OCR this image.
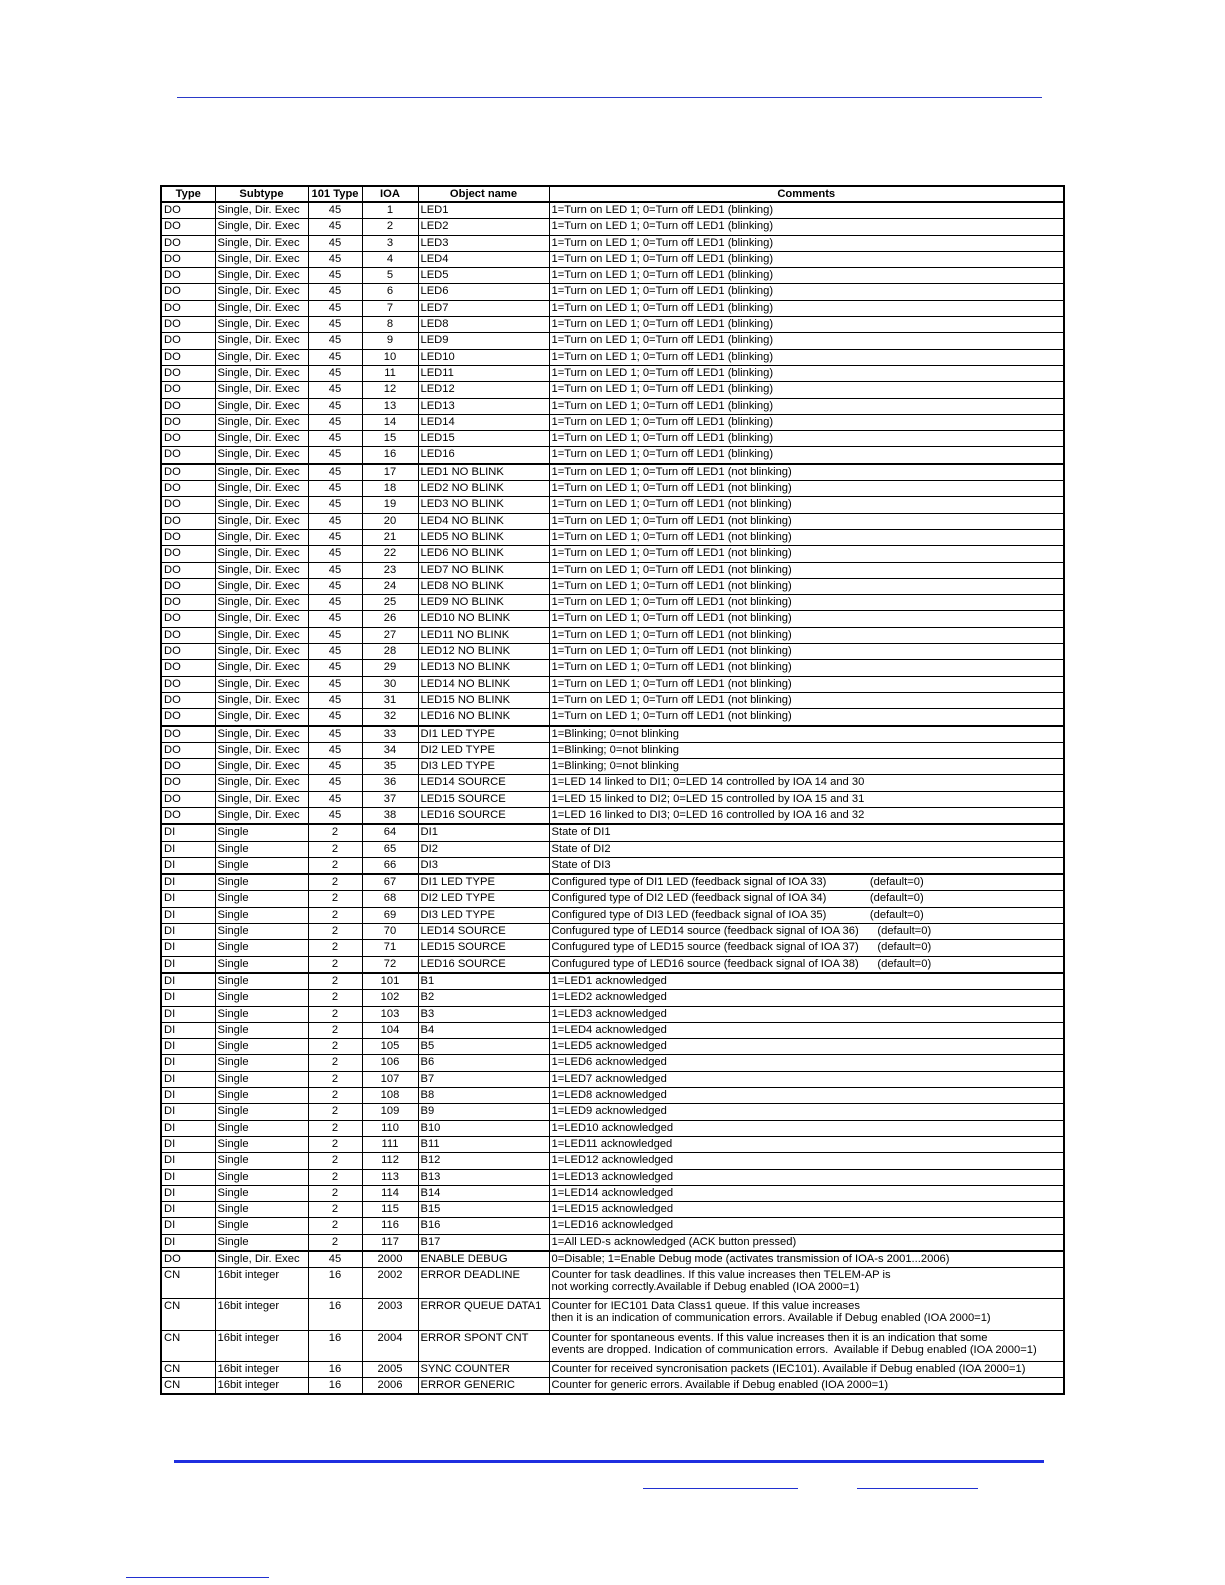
Type	Subtype	101 Type	IOA	Object name	Comments
DO	Single, Dir. Exec	45	1	LED1	1=Turn on LED 1; 0=Turn off LED1 (blinking)
DO	Single, Dir. Exec	45	2	LED2	1=Turn on LED 1; 0=Turn off LED1 (blinking)
DO	Single, Dir. Exec	45	3	LED3	1=Turn on LED 1; 0=Turn off LED1 (blinking)
DO	Single, Dir. Exec	45	4	LED4	1=Turn on LED 1; 0=Turn off LED1 (blinking)
DO	Single, Dir. Exec	45	5	LED5	1=Turn on LED 1; 0=Turn off LED1 (blinking)
DO	Single, Dir. Exec	45	6	LED6	1=Turn on LED 1; 0=Turn off LED1 (blinking)
DO	Single, Dir. Exec	45	7	LED7	1=Turn on LED 1; 0=Turn off LED1 (blinking)
DO	Single, Dir. Exec	45	8	LED8	1=Turn on LED 1; 0=Turn off LED1 (blinking)
DO	Single, Dir. Exec	45	9	LED9	1=Turn on LED 1; 0=Turn off LED1 (blinking)
DO	Single, Dir. Exec	45	10	LED10	1=Turn on LED 1; 0=Turn off LED1 (blinking)
DO	Single, Dir. Exec	45	11	LED11	1=Turn on LED 1; 0=Turn off LED1 (blinking)
DO	Single, Dir. Exec	45	12	LED12	1=Turn on LED 1; 0=Turn off LED1 (blinking)
DO	Single, Dir. Exec	45	13	LED13	1=Turn on LED 1; 0=Turn off LED1 (blinking)
DO	Single, Dir. Exec	45	14	LED14	1=Turn on LED 1; 0=Turn off LED1 (blinking)
DO	Single, Dir. Exec	45	15	LED15	1=Turn on LED 1; 0=Turn off LED1 (blinking)
DO	Single, Dir. Exec	45	16	LED16	1=Turn on LED 1; 0=Turn off LED1 (blinking)
DO	Single, Dir. Exec	45	17	LED1 NO BLINK	1=Turn on LED 1; 0=Turn off LED1 (not blinking)
DO	Single, Dir. Exec	45	18	LED2 NO BLINK	1=Turn on LED 1; 0=Turn off LED1 (not blinking)
DO	Single, Dir. Exec	45	19	LED3 NO BLINK	1=Turn on LED 1; 0=Turn off LED1 (not blinking)
DO	Single, Dir. Exec	45	20	LED4 NO BLINK	1=Turn on LED 1; 0=Turn off LED1 (not blinking)
DO	Single, Dir. Exec	45	21	LED5 NO BLINK	1=Turn on LED 1; 0=Turn off LED1 (not blinking)
DO	Single, Dir. Exec	45	22	LED6 NO BLINK	1=Turn on LED 1; 0=Turn off LED1 (not blinking)
DO	Single, Dir. Exec	45	23	LED7 NO BLINK	1=Turn on LED 1; 0=Turn off LED1 (not blinking)
DO	Single, Dir. Exec	45	24	LED8 NO BLINK	1=Turn on LED 1; 0=Turn off LED1 (not blinking)
DO	Single, Dir. Exec	45	25	LED9 NO BLINK	1=Turn on LED 1; 0=Turn off LED1 (not blinking)
DO	Single, Dir. Exec	45	26	LED10 NO BLINK	1=Turn on LED 1; 0=Turn off LED1 (not blinking)
DO	Single, Dir. Exec	45	27	LED11 NO BLINK	1=Turn on LED 1; 0=Turn off LED1 (not blinking)
DO	Single, Dir. Exec	45	28	LED12 NO BLINK	1=Turn on LED 1; 0=Turn off LED1 (not blinking)
DO	Single, Dir. Exec	45	29	LED13 NO BLINK	1=Turn on LED 1; 0=Turn off LED1 (not blinking)
DO	Single, Dir. Exec	45	30	LED14 NO BLINK	1=Turn on LED 1; 0=Turn off LED1 (not blinking)
DO	Single, Dir. Exec	45	31	LED15 NO BLINK	1=Turn on LED 1; 0=Turn off LED1 (not blinking)
DO	Single, Dir. Exec	45	32	LED16 NO BLINK	1=Turn on LED 1; 0=Turn off LED1 (not blinking)
DO	Single, Dir. Exec	45	33	DI1 LED TYPE	1=Blinking; 0=not blinking
DO	Single, Dir. Exec	45	34	DI2 LED TYPE	1=Blinking; 0=not blinking
DO	Single, Dir. Exec	45	35	DI3 LED TYPE	1=Blinking; 0=not blinking
DO	Single, Dir. Exec	45	36	LED14 SOURCE	1=LED 14 linked to DI1; 0=LED 14 controlled by IOA 14 and 30
DO	Single, Dir. Exec	45	37	LED15 SOURCE	1=LED 15 linked to DI2; 0=LED 15 controlled by IOA 15 and 31
DO	Single, Dir. Exec	45	38	LED16 SOURCE	1=LED 16 linked to DI3; 0=LED 16 controlled by IOA 16 and 32
DI	Single	2	64	DI1	State of DI1
DI	Single	2	65	DI2	State of DI2
DI	Single	2	66	DI3	State of DI3
DI	Single	2	67	DI1 LED TYPE	Configured type of DI1 LED (feedback signal of IOA 33)              (default=0)
DI	Single	2	68	DI2 LED TYPE	Configured type of DI2 LED (feedback signal of IOA 34)              (default=0)
DI	Single	2	69	DI3 LED TYPE	Configured type of DI3 LED (feedback signal of IOA 35)              (default=0)
DI	Single	2	70	LED14 SOURCE	Confugured type of LED14 source (feedback signal of IOA 36)      (default=0)
DI	Single	2	71	LED15 SOURCE	Confugured type of LED15 source (feedback signal of IOA 37)      (default=0)
DI	Single	2	72	LED16 SOURCE	Confugured type of LED16 source (feedback signal of IOA 38)      (default=0)
DI	Single	2	101	B1	1=LED1 acknowledged
DI	Single	2	102	B2	1=LED2 acknowledged
DI	Single	2	103	B3	1=LED3 acknowledged
DI	Single	2	104	B4	1=LED4 acknowledged
DI	Single	2	105	B5	1=LED5 acknowledged
DI	Single	2	106	B6	1=LED6 acknowledged
DI	Single	2	107	B7	1=LED7 acknowledged
DI	Single	2	108	B8	1=LED8 acknowledged
DI	Single	2	109	B9	1=LED9 acknowledged
DI	Single	2	110	B10	1=LED10 acknowledged
DI	Single	2	111	B11	1=LED11 acknowledged
DI	Single	2	112	B12	1=LED12 acknowledged
DI	Single	2	113	B13	1=LED13 acknowledged
DI	Single	2	114	B14	1=LED14 acknowledged
DI	Single	2	115	B15	1=LED15 acknowledged
DI	Single	2	116	B16	1=LED16 acknowledged
DI	Single	2	117	B17	1=All LED-s acknowledged (ACK button pressed)
DO	Single, Dir. Exec	45	2000	ENABLE DEBUG	0=Disable; 1=Enable Debug mode (activates transmission of IOA-s 2001...2006)
CN	16bit integer	16	2002	ERROR DEADLINE	Counter for task deadlines. If this value increases then TELEM-AP is
not working correctly.Available if Debug enabled (IOA 2000=1)
CN	16bit integer	16	2003	ERROR QUEUE DATA1	Counter for IEC101 Data Class1 queue. If this value increases
then it is an indication of communication errors. Available if Debug enabled (IOA 2000=1)
CN	16bit integer	16	2004	ERROR SPONT CNT	Counter for spontaneous events. If this value increases then it is an indication that some
events are dropped. Indication of communication errors.  Available if Debug enabled (IOA 2000=1)
CN	16bit integer	16	2005	SYNC COUNTER	Counter for received syncronisation packets (IEC101). Available if Debug enabled (IOA 2000=1)
CN	16bit integer	16	2006	ERROR GENERIC	Counter for generic errors. Available if Debug enabled (IOA 2000=1)
